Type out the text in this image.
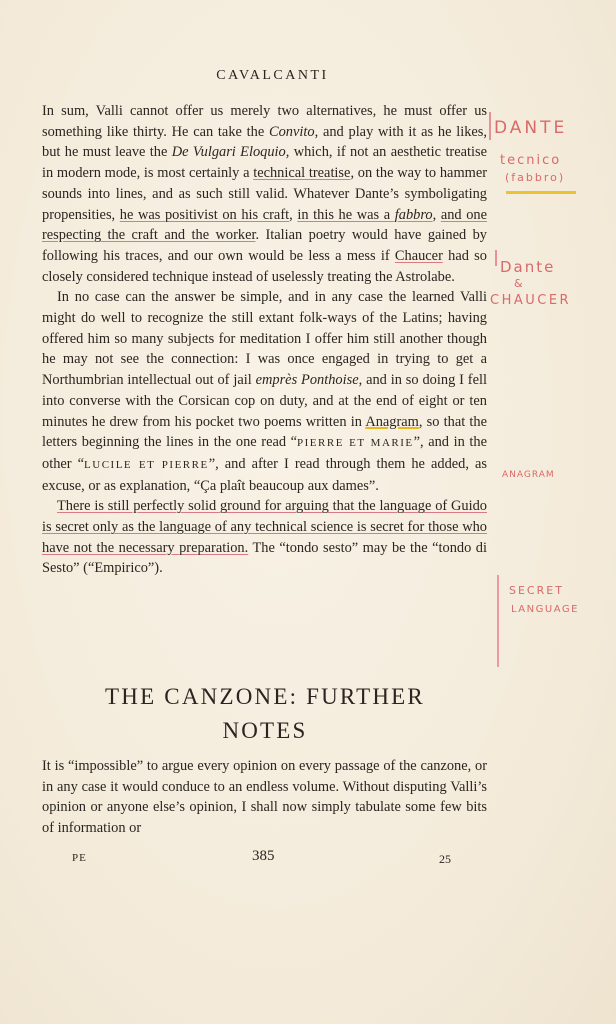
CAVALCANTI

In sum, Valli cannot offer us merely two alternatives, he must offer us something like thirty. He can take the Convito, and play with it as he likes, but he must leave the De Vulgari Eloquio, which, if not an aesthetic treatise in modern mode, is most certainly a technical treatise, on the way to hammer sounds into lines, and as such still valid. Whatever Dante’s symboligating propensities, he was positivist on his craft, in this he was a fabbro, and one respecting the craft and the worker. Italian poetry would have gained by following his traces, and our own would be less a mess if Chaucer had so closely considered technique instead of uselessly treating the Astrolabe.

In no case can the answer be simple, and in any case the learned Valli might do well to recognize the still extant folk-ways of the Latins; having offered him so many subjects for meditation I offer him still another though he may not see the connection: I was once engaged in trying to get a Northumbrian intellectual out of jail emprès Ponthoise, and in so doing I fell into converse with the Corsican cop on duty, and at the end of eight or ten minutes he drew from his pocket two poems written in Anagram, so that the letters beginning the lines in the one read “PIERRE ET MARIE”, and in the other “LUCILE ET PIERRE”, and after I read through them he added, as excuse, or as explanation, “Ça plaît beaucoup aux dames”.

There is still perfectly solid ground for arguing that the language of Guido is secret only as the language of any technical science is secret for those who have not the necessary preparation. The “tondo sesto” may be the “tondo di Sesto” (“Empirico”).

THE CANZONE: FURTHER
NOTES

It is “impossible” to argue every opinion on every passage of the canzone, or in any case it would conduce to an endless volume. Without disputing Valli’s opinion or anyone else’s opinion, I shall now simply tabulate some few bits of information or

PE	385	25
DANTE
tecnico
(fabbro)
Dante
&
CHAUCER
ANAGRAM
SECRET
LANGUAGE
